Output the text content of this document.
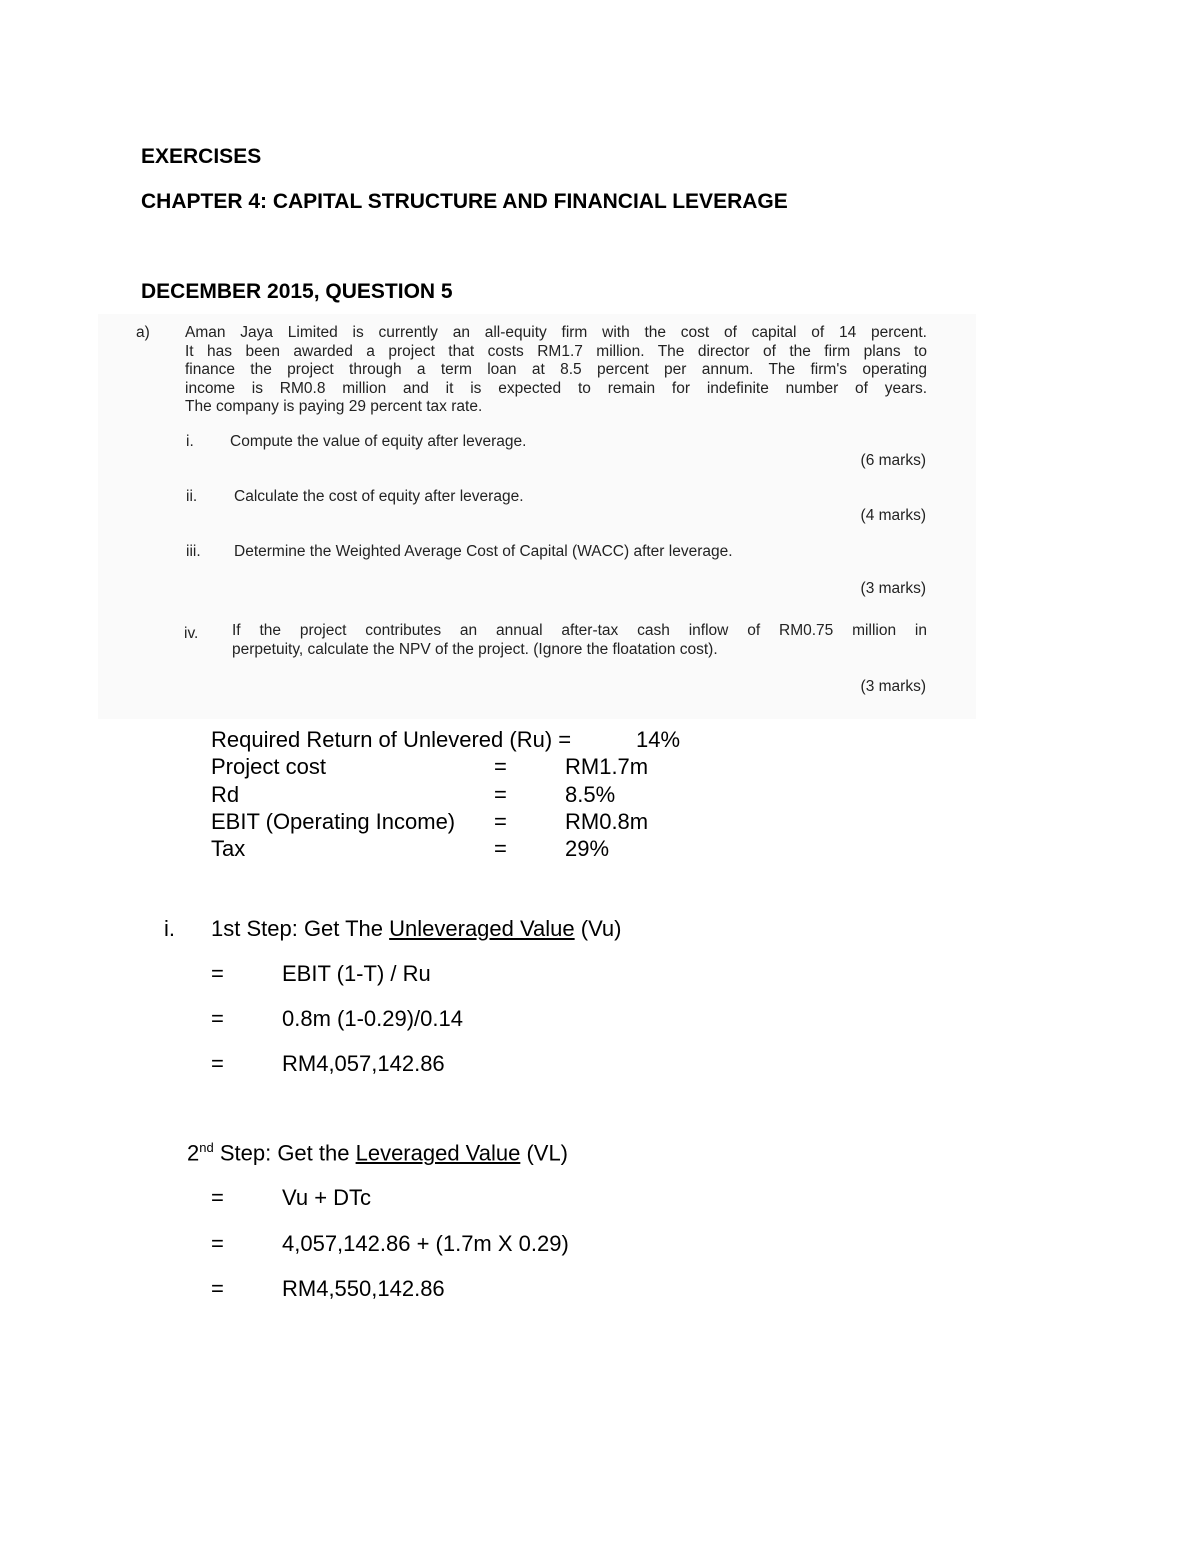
EXERCISES
CHAPTER 4: CAPITAL STRUCTURE AND FINANCIAL LEVERAGE
DECEMBER 2015, QUESTION 5
a) Aman Jaya Limited is currently an all-equity firm with the cost of capital of 14 percent.
It has been awarded a project that costs RM1.7 million. The director of the firm plans to
finance the project through a term loan at 8.5 percent per annum. The firm's operating
income is RM0.8 million and it is expected to remain for indefinite number of years.
The company is paying 29 percent tax rate.
i. Compute the value of equity after leverage.
(6 marks)
ii. Calculate the cost of equity after leverage.
(4 marks)
iii. Determine the Weighted Average Cost of Capital (WACC) after leverage.
(3 marks)
iv. If the project contributes an annual after-tax cash inflow of RM0.75 million in
perpetuity, calculate the NPV of the project. (Ignore the floatation cost).
(3 marks)
Required Return of Unlevered (Ru) =	14%
Project cost	=	RM1.7m
Rd	=	8.5%
EBIT (Operating Income) =	RM0.8m
Tax	=	29%
i. 1st Step: Get The Unleveraged Value (Vu)
=	EBIT (1-T) / Ru
=	0.8m (1-0.29)/0.14
=	RM4,057,142.86
2nd Step: Get the Leveraged Value (VL)
=	Vu + DTc
=	4,057,142.86 + (1.7m X 0.29)
=	RM4,550,142.86
